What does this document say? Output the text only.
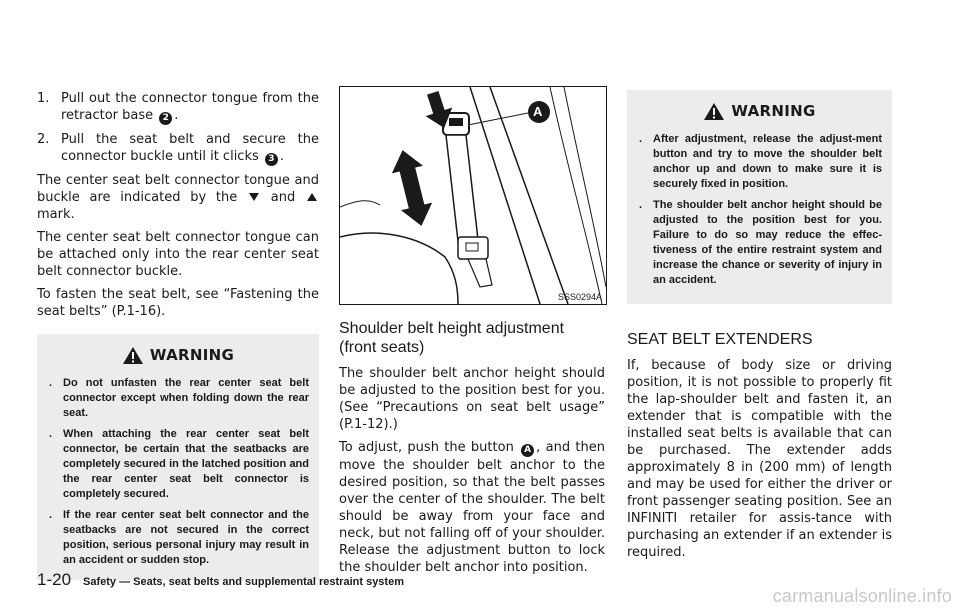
1. Pull out the connector tongue from the retractor base 2 .

2. Pull the seat belt and secure the connector buckle until it clicks 3 .

The center seat belt connector tongue and buckle are indicated by the	and  mark.

The center seat belt connector tongue can be attached only into the rear center seat belt connector buckle.

To fasten the seat belt, see “Fastening the seat belts” (P.1-16).

WARNING
. Do not unfasten the rear center seat belt connector except when folding down the rear seat.
. When attaching the rear center seat belt connector, be certain that the seatbacks are completely secured in the latched position and the rear center seat belt connector is completely secured.
. If the rear center seat belt connector and the seatbacks are not secured in the correct position, serious personal injury may result in an accident or sudden stop.
A
SSS0294A
Shoulder belt height adjustment (front seats)

The shoulder belt anchor height should be adjusted to the position best for you. (See “Precautions on seat belt usage” (P.1-12).)

To adjust, push the button A , and then move the shoulder belt anchor to the desired position, so that the belt passes over the center of the shoulder. The belt should be away from your face and neck, but not falling off of your shoulder. Release the adjustment button to lock the shoulder belt anchor into position.

WARNING
. After adjustment, release the adjust-ment button and try to move the shoulder belt anchor up and down to make sure it is securely fixed in position.
. The shoulder belt anchor height should be adjusted to the position best for you. Failure to do so may reduce the effec-tiveness of the entire restraint system and increase the chance or severity of injury in an accident.
SEAT BELT EXTENDERS

If, because of body size or driving position, it is not possible to properly fit the lap-shoulder belt and fasten it, an extender that is compatible with the installed seat belts is available that can be purchased. The extender adds approximately 8 in (200 mm) of length and may be used for either the driver or front passenger seating position. See an INFINITI retailer for assis-tance with purchasing an extender if an extender is required.

1-20 Safety — Seats, seat belts and supplemental restraint system
carmanualsonline.info
